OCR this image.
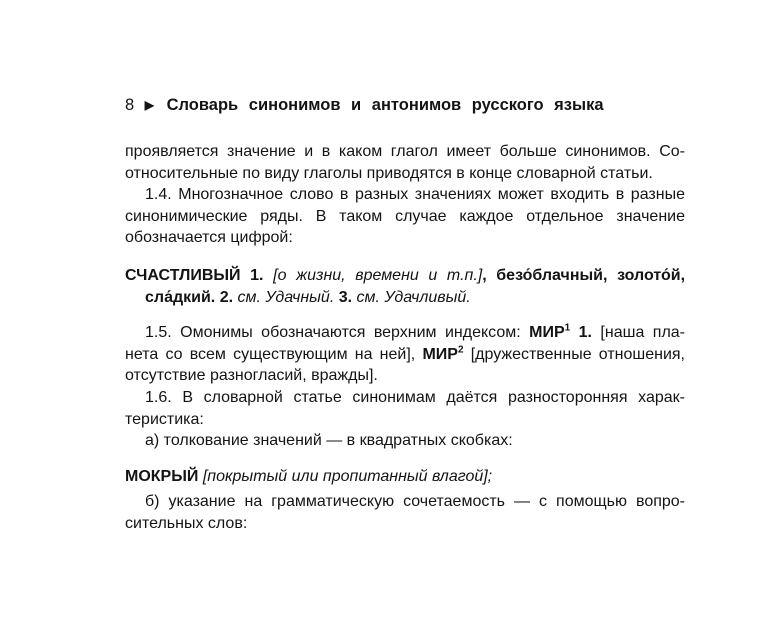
8 ▶ Словарь синонимов и антонимов русского языка
проявляется значение и в каком глагол имеет больше синонимов. Со-
относительные по виду глаголы приводятся в конце словарной статьи.
1.4. Многозначное слово в разных значениях может входить в разные
синонимические ряды. В таком случае каждое отдельное значение
обозначается цифрой:
СЧАСТЛИВЫЙ 1. [о жизни, времени и т.п.], безо́блачный, золото́й,
сла́дкий. 2. см. Удачный. 3. см. Удачливый.
1.5. Омонимы обозначаются верхним индексом: МИР$^1$ 1. [наша пла-
нета со всем существующим на ней], МИР$^2$ [дружественные отношения,
отсутствие разногласий, вражды].
1.6. В словарной статье синонимам даётся разносторонняя харак-
теристика:
а) толкование значений — в квадратных скобках:
МОКРЫЙ [покрытый или пропитанный влагой];
б) указание на грамматическую сочетаемость — с помощью вопро-
сительных слов:
